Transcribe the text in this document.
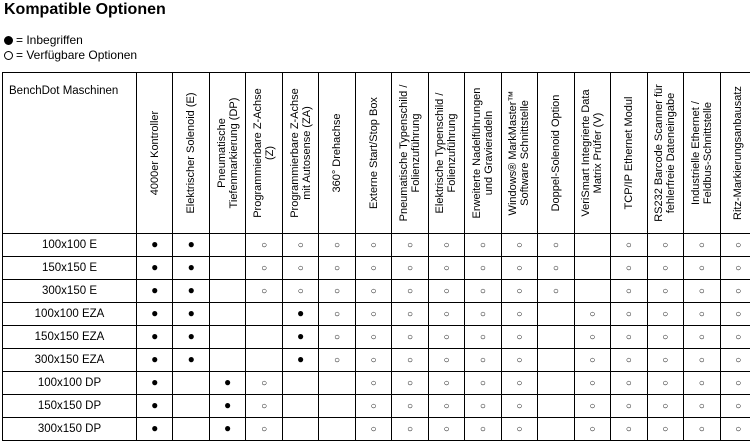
Kompatible Optionen
= Inbegriffen
= Verfügbare Optionen
BenchDot Maschinen	4000er Kontroller	Elektrischer Solenoid (E)	Pneumatische Tiefenmarkierung (DP)	Programmierbare Z-Achse (Z)	Programmierbare Z-Achse mit Autosense (ZA)	360° Drehachse	Externe Start/Stop Box	Pneumatische Typenschild / Folienzuführung	Elektrische Typenschild / Folienzuführung	Erweiterte Nadelführungen und Gravieradeln	Windows® MarkMaster™ Software Schnittstelle	Doppel-Solenoid Option	VeriSmart Integrierte Data Matrix Prüfer (V)	TCP/IP Ethernet Modul	RS232 Barcode Scanner für fehlerfreie Dateneingabe	Industrielle Ethernet / Feldbus-Schnittstelle	Ritz-Markierungsanbausatz

100x100 E	●	●		○	○	○	○	○	○	○	○	○		○	○	○	○
150x150 E	●	●		○	○	○	○	○	○	○	○	○		○	○	○	○
300x150 E	●	●		○	○	○	○	○	○	○	○	○		○	○	○	○
100x100 EZA	●	●			●	○	○	○	○	○	○		○	○	○	○	○
150x150 EZA	●	●			●	○	○	○	○	○	○		○	○	○	○	○
300x150 EZA	●	●			●	○	○	○	○	○	○		○	○	○	○	○
100x100 DP	●		●	○			○	○	○	○	○		○	○	○	○	○
150x150 DP	●		●	○			○	○	○	○	○		○	○	○	○	○
300x150 DP	●		●	○			○	○	○	○	○		○	○	○	○	○
